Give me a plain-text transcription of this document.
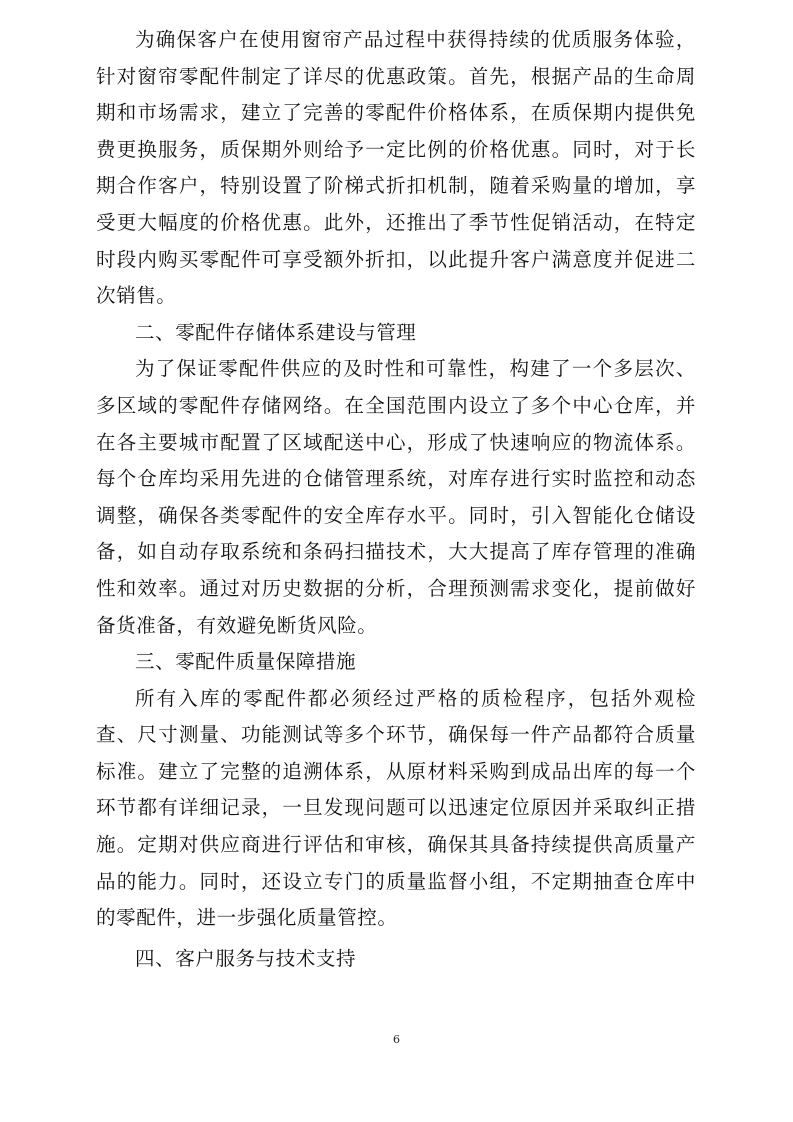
为确保客户在使用窗帘产品过程中获得持续的优质服务体验，针对窗帘零配件制定了详尽的优惠政策。首先，根据产品的生命周期和市场需求，建立了完善的零配件价格体系，在质保期内提供免费更换服务，质保期外则给予一定比例的价格优惠。同时，对于长期合作客户，特别设置了阶梯式折扣机制，随着采购量的增加，享受更大幅度的价格优惠。此外，还推出了季节性促销活动，在特定时段内购买零配件可享受额外折扣，以此提升客户满意度并促进二次销售。

二、零配件存储体系建设与管理

为了保证零配件供应的及时性和可靠性，构建了一个多层次、多区域的零配件存储网络。在全国范围内设立了多个中心仓库，并在各主要城市配置了区域配送中心，形成了快速响应的物流体系。每个仓库均采用先进的仓储管理系统，对库存进行实时监控和动态调整，确保各类零配件的安全库存水平。同时，引入智能化仓储设备，如自动存取系统和条码扫描技术，大大提高了库存管理的准确性和效率。通过对历史数据的分析，合理预测需求变化，提前做好备货准备，有效避免断货风险。

三、零配件质量保障措施

所有入库的零配件都必须经过严格的质检程序，包括外观检查、尺寸测量、功能测试等多个环节，确保每一件产品都符合质量标准。建立了完整的追溯体系，从原材料采购到成品出库的每一个环节都有详细记录，一旦发现问题可以迅速定位原因并采取纠正措施。定期对供应商进行评估和审核，确保其具备持续提供高质量产品的能力。同时，还设立专门的质量监督小组，不定期抽查仓库中的零配件，进一步强化质量管控。

四、客户服务与技术支持

6
